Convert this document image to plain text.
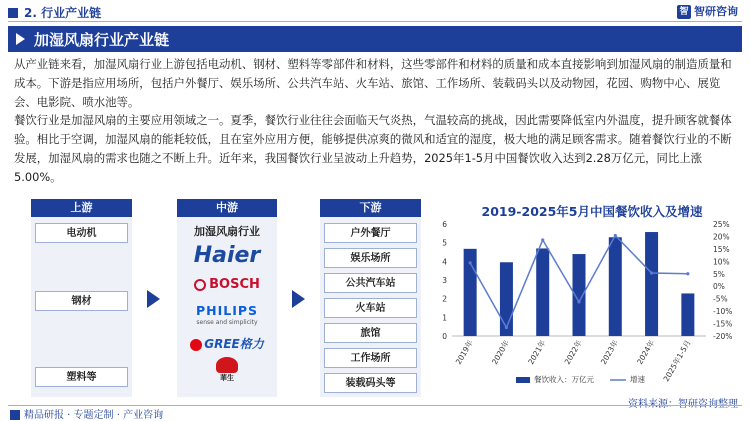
2. 行业产业链	智 智研咨询
加湿风扇行业产业链

从产业链来看，加湿风扇行业上游包括电动机、钢材、塑料等零部件和材料，这些零部件和材料的质量和成本直接影响到加湿风扇的制造质量和成本。下游是指应用场所，包括户外餐厅、娱乐场所、公共汽车站、火车站、旅馆、工作场所、装载码头以及动物园，花园、购物中心、展览会、电影院、喷水池等。

餐饮行业是加湿风扇的主要应用领域之一。夏季，餐饮行业往往会面临天气炎热，气温较高的挑战，因此需要降低室内外温度，提升顾客就餐体验。相比于空调，加湿风扇的能耗较低，且在室外应用方便，能够提供凉爽的微风和适宜的湿度，极大地的满足顾客需求。随着餐饮行业的不断发展，加湿风扇的需求也随之不断上升。近年来，我国餐饮行业呈波动上升趋势，2025年1-5月中国餐饮收入达到2.28万亿元，同比上涨5.00%。

上游
电动机
钢材
塑料等
中游
加湿风扇行业
Haier
BOSCH
PHILIPS
sense and simplicity
GREE格力
華生
下游
户外餐厅
娱乐场所
公共汽车站
火车站
旅馆
工作场所
装载码头等
2019-2025年5月中国餐饮收入及增速
0
1
2
3
4
5
6
-20%
-15%
-10%
-5%
0%
5%
10%
15%
20%
25%
2019年 2020年 2021年 2022年 2023年 2024年 2025年1-5月
餐饮收入：万亿元	增速
精品研报 · 专题定制 · 产业咨询
